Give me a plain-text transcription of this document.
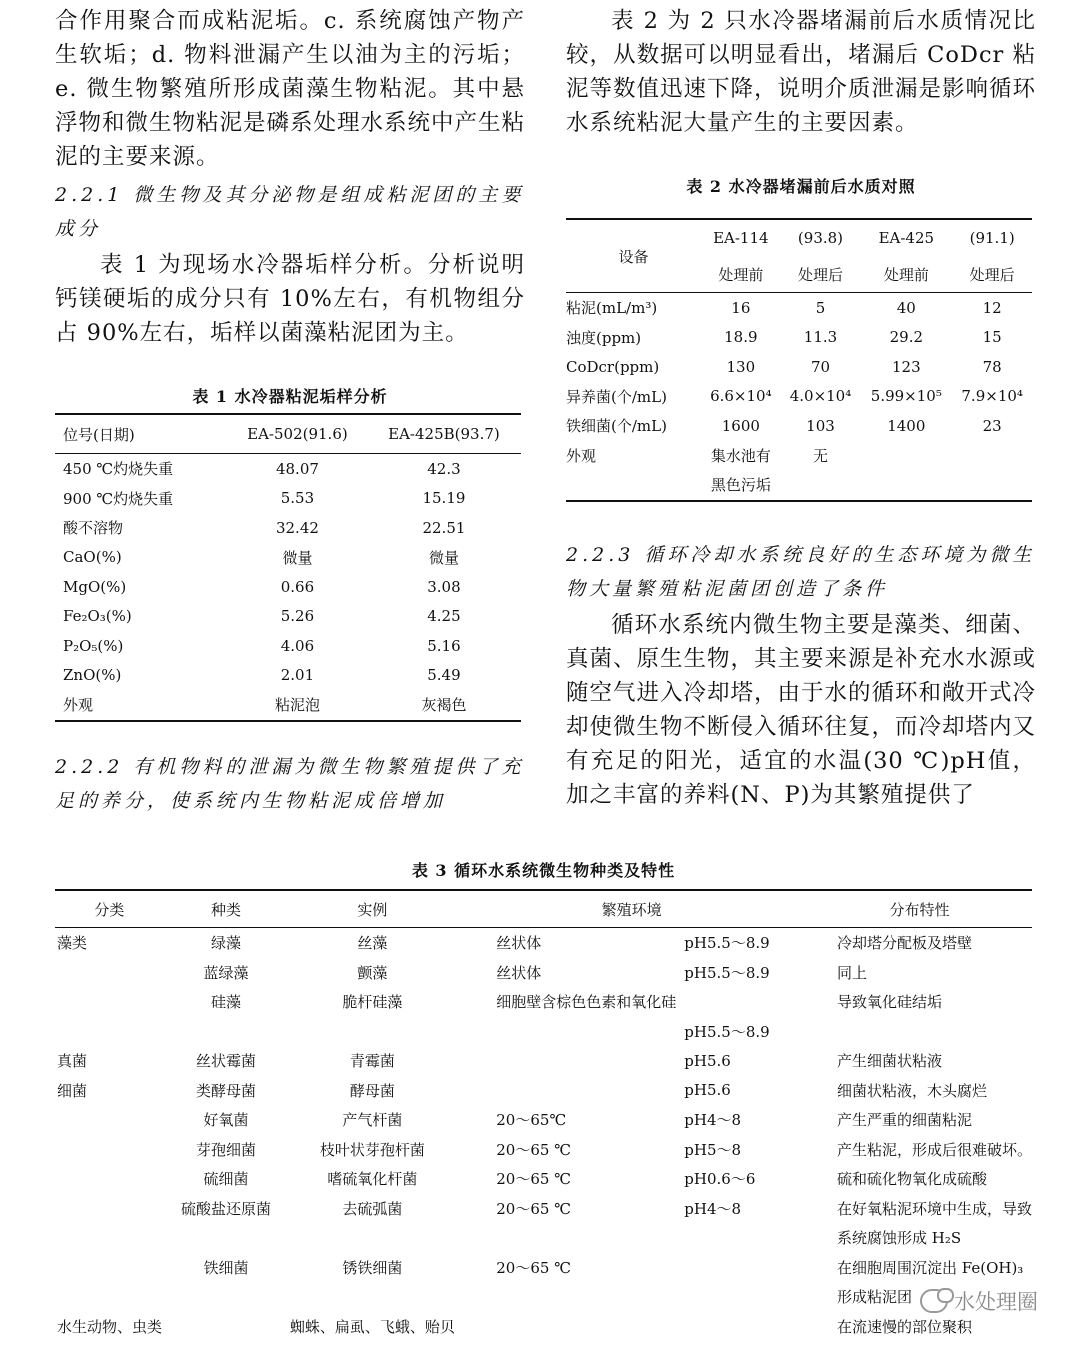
合作用聚合而成粘泥垢。c. 系统腐蚀产物产生软垢；d. 物料泄漏产生以油为主的污垢；e. 微生物繁殖所形成菌藻生物粘泥。其中悬浮物和微生物粘泥是磷系处理水系统中产生粘泥的主要来源。

2.2.1 微生物及其分泌物是组成粘泥团的主要成分

表 1 为现场水冷器垢样分析。分析说明钙镁硬垢的成分只有 10%左右，有机物组分占 90%左右，垢样以菌藻粘泥团为主。

表 1 水冷器粘泥垢样分析

位号(日期)	EA-502(91.6)	EA-425B(93.7)
450 ℃灼烧失重	48.07	42.3
900 ℃灼烧失重	5.53	15.19
酸不溶物	32.42	22.51
CaO(%)	微量	微量
MgO(%)	0.66	3.08
Fe₂O₃(%)	5.26	4.25
P₂O₅(%)	4.06	5.16
ZnO(%)	2.01	5.49
外观	粘泥泡	灰褐色

2.2.2 有机物料的泄漏为微生物繁殖提供了充足的养分，使系统内生物粘泥成倍增加

表 2 为 2 只水冷器堵漏前后水质情况比较，从数据可以明显看出，堵漏后 CoDcr 粘泥等数值迅速下降，说明介质泄漏是影响循环水系统粘泥大量产生的主要因素。

表 2 水冷器堵漏前后水质对照

设备	EA-114	(93.8)	EA-425	(91.1)
	处理前	处理后	处理前	处理后
粘泥(mL/m³)	16	5	40	12
浊度(ppm)	18.9	11.3	29.2	15
CoDcr(ppm)	130	70	123	78
异养菌(个/mL)	6.6×10⁴	4.0×10⁴	5.99×10⁵	7.9×10⁴
铁细菌(个/mL)	1600	103	1400	23
外观	集水池有	无		
	黑色污垢			

2.2.3 循环冷却水系统良好的生态环境为微生物大量繁殖粘泥菌团创造了条件

循环水系统内微生物主要是藻类、细菌、真菌、原生生物，其主要来源是补充水水源或随空气进入冷却塔，由于水的循环和敞开式冷却使微生物不断侵入循环往复，而冷却塔内又有充足的阳光，适宜的水温(30 ℃)pH值，加之丰富的养料(N、P)为其繁殖提供了

表 3 循环水系统微生物种类及特性

分类	种类	实例	繁殖环境		分布特性
藻类	绿藻	丝藻	丝状体	pH5.5～8.9	冷却塔分配板及塔壁
	蓝绿藻	颤藻	丝状体	pH5.5～8.9	同上
	硅藻	脆杆硅藻	细胞壁含棕色色素和氧化硅		导致氧化硅结垢
				pH5.5～8.9	
真菌	丝状霉菌	青霉菌		pH5.6	产生细菌状粘液
细菌	类酵母菌	酵母菌		pH5.6	细菌状粘液，木头腐烂
	好氧菌	产气杆菌	20～65℃	pH4～8	产生严重的细菌粘泥
	芽孢细菌	枝叶状芽孢杆菌	20～65 ℃	pH5～8	产生粘泥，形成后很难破坏。
	硫细菌	嗜硫氧化杆菌	20～65 ℃	pH0.6～6	硫和硫化物氧化成硫酸
	硫酸盐还原菌	去硫弧菌	20～65 ℃	pH4～8	在好氧粘泥环境中生成，导致
					系统腐蚀形成 H₂S
	铁细菌	锈铁细菌	20～65 ℃		在细胞周围沉淀出 Fe(OH)₃
					形成粘泥团
水生动物、虫类		蜘蛛、扁虱、飞蛾、贻贝			在流速慢的部位聚积
水处理圈
